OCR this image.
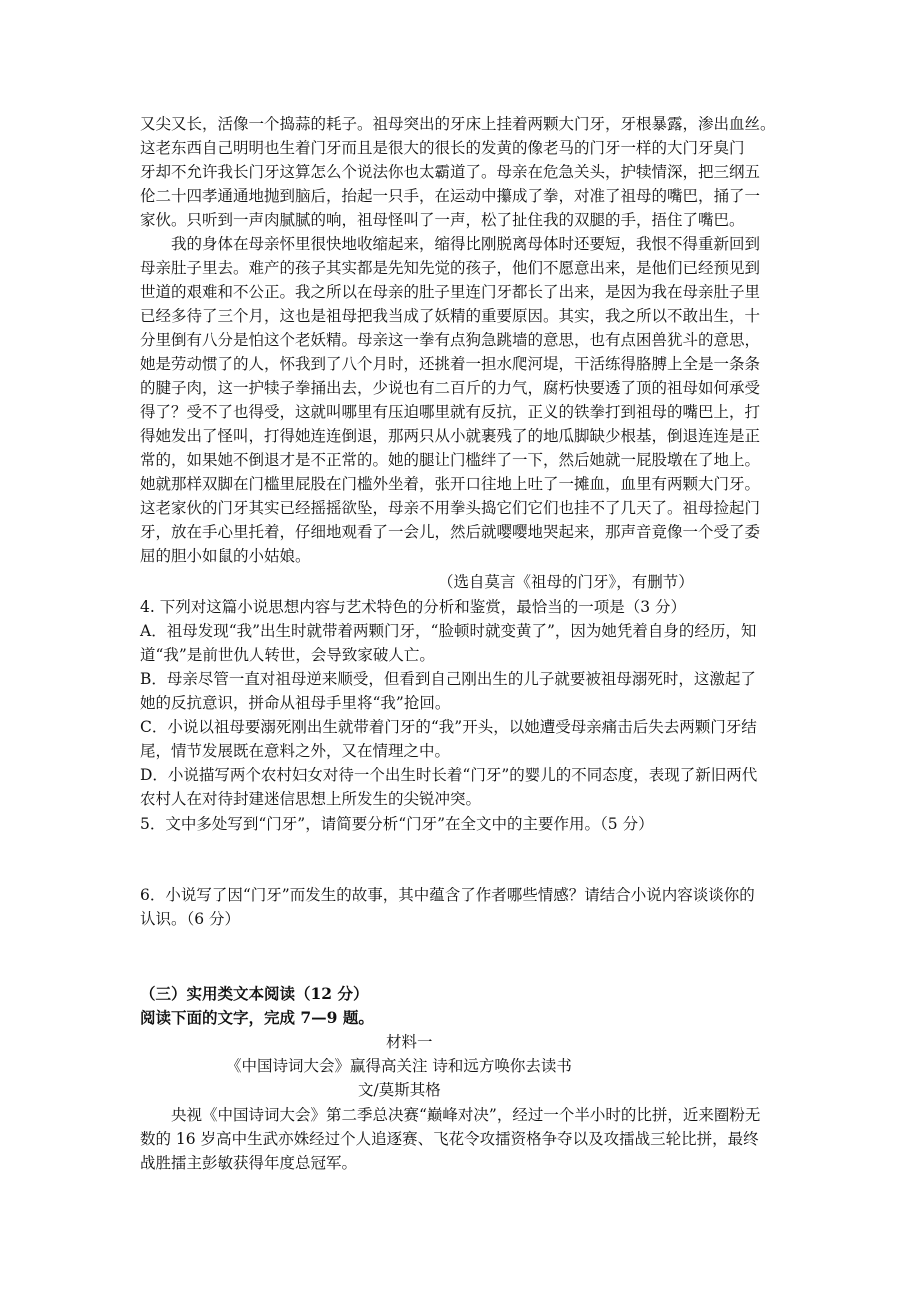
又尖又长，活像一个捣蒜的耗子。祖母突出的牙床上挂着两颗大门牙，牙根暴露，渗出血丝。
这老东西自己明明也生着门牙而且是很大的很长的发黄的像老马的门牙一样的大门牙臭门
牙却不允许我长门牙这算怎么个说法你也太霸道了。母亲在危急关头，护犊情深，把三纲五
伦二十四孝通通地抛到脑后，抬起一只手，在运动中攥成了拳，对准了祖母的嘴巴，捅了一
家伙。只听到一声肉腻腻的响，祖母怪叫了一声，松了扯住我的双腿的手，捂住了嘴巴。
　　我的身体在母亲怀里很快地收缩起来，缩得比刚脱离母体时还要短，我恨不得重新回到
母亲肚子里去。难产的孩子其实都是先知先觉的孩子，他们不愿意出来，是他们已经预见到
世道的艰难和不公正。我之所以在母亲的肚子里连门牙都长了出来，是因为我在母亲肚子里
已经多待了三个月，这也是祖母把我当成了妖精的重要原因。其实，我之所以不敢出生，十
分里倒有八分是怕这个老妖精。母亲这一拳有点狗急跳墙的意思，也有点困兽犹斗的意思，
她是劳动惯了的人，怀我到了八个月时，还挑着一担水爬河堤，干活练得胳膊上全是一条条
的腱子肉，这一护犊子拳捅出去，少说也有二百斤的力气，腐朽快要透了顶的祖母如何承受
得了？受不了也得受，这就叫哪里有压迫哪里就有反抗，正义的铁拳打到祖母的嘴巴上，打
得她发出了怪叫，打得她连连倒退，那两只从小就裹残了的地瓜脚缺少根基，倒退连连是正
常的，如果她不倒退才是不正常的。她的腿让门槛绊了一下，然后她就一屁股墩在了地上。
她就那样双脚在门槛里屁股在门槛外坐着，张开口往地上吐了一摊血，血里有两颗大门牙。
这老家伙的门牙其实已经摇摇欲坠，母亲不用拳头捣它们它们也挂不了几天了。祖母捡起门
牙，放在手心里托着，仔细地观看了一会儿，然后就嘤嘤地哭起来，那声音竟像一个受了委
屈的胆小如鼠的小姑娘。
（选自莫言《祖母的门牙》，有删节）
4. 下列对这篇小说思想内容与艺术特色的分析和鉴赏，最恰当的一项是（3 分）
A．祖母发现“我”出生时就带着两颗门牙，“脸顿时就变黄了”，因为她凭着自身的经历，知
道“我”是前世仇人转世，会导致家破人亡。
B．母亲尽管一直对祖母逆来顺受，但看到自己刚出生的儿子就要被祖母溺死时，这激起了
她的反抗意识，拼命从祖母手里将“我”抢回。
C．小说以祖母要溺死刚出生就带着门牙的“我”开头，以她遭受母亲痛击后失去两颗门牙结
尾，情节发展既在意料之外，又在情理之中。
D．小说描写两个农村妇女对待一个出生时长着“门牙”的婴儿的不同态度，表现了新旧两代
农村人在对待封建迷信思想上所发生的尖锐冲突。
5．文中多处写到“门牙”，请简要分析“门牙”在全文中的主要作用。（5 分）
6．小说写了因“门牙”而发生的故事，其中蕴含了作者哪些情感？请结合小说内容谈谈你的
认识。（6 分）
（三）实用类文本阅读（12 分）
阅读下面的文字，完成 7—9 题。
材料一
《中国诗词大会》赢得高关注 诗和远方唤你去读书
文/莫斯其格
　　央视《中国诗词大会》第二季总决赛“巅峰对决”，经过一个半小时的比拼，近来圈粉无
数的 16 岁高中生武亦姝经过个人追逐赛、飞花令攻擂资格争夺以及攻擂战三轮比拼，最终
战胜擂主彭敏获得年度总冠军。
